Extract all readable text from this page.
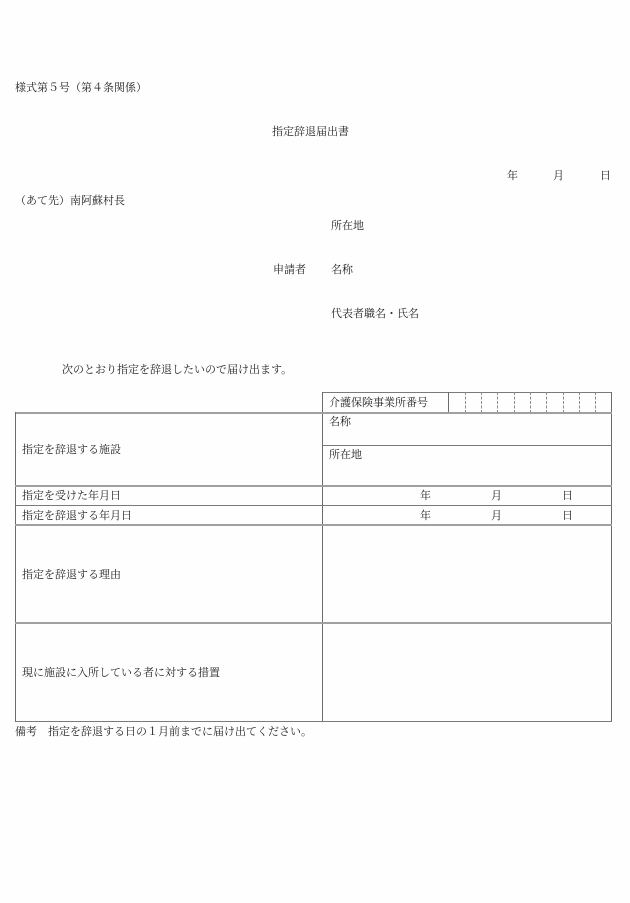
様式第５号（第４条関係）
指定辞退届出書
年	月	日
（あて先）南阿蘇村長
所在地
申請者 名称
代表者職名・氏名
次のとおり指定を辞退したいので届け出ます。
介護保険事業所番号
指定を辞退する施設
名称
所在地
指定を受けた年月日	年	月	日
指定を辞退する年月日	年	月	日
指定を辞退する理由
現に施設に入所している者に対する措置
備考　指定を辞退する日の１月前までに届け出てください。
